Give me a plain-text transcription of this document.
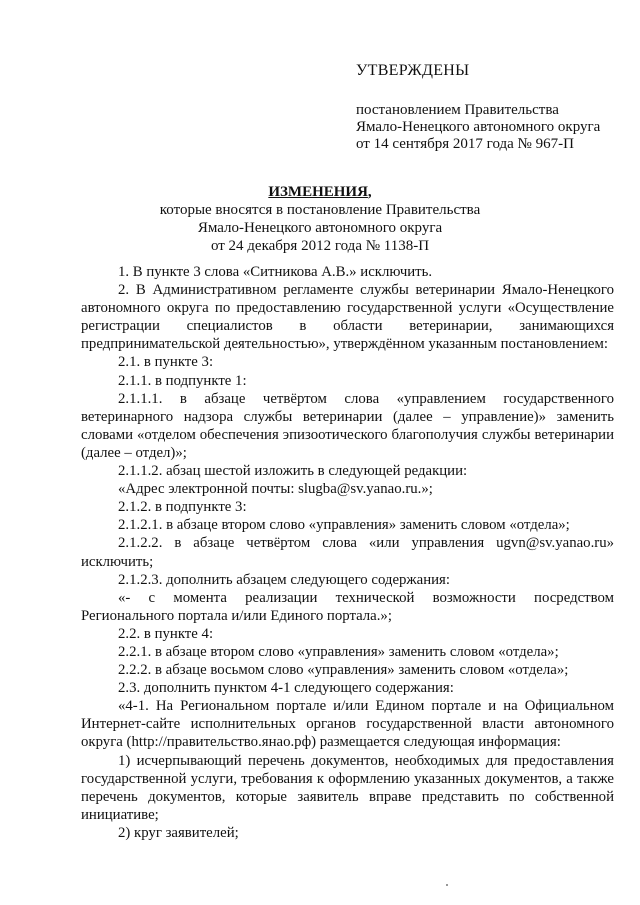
УТВЕРЖДЕНЫ
постановлением Правительства
Ямало-Ненецкого автономного округа
от 14 сентября 2017 года № 967-П
ИЗМЕНЕНИЯ,
которые вносятся в постановление Правительства
Ямало-Ненецкого автономного округа
от 24 декабря 2012 года № 1138-П

1. В пункте 3 слова «Ситникова А.В.» исключить.

2. В Административном регламенте службы ветеринарии Ямало-Ненецкого автономного округа по предоставлению государственной услуги «Осуществление регистрации специалистов в области ветеринарии, занимающихся предпринимательской деятельностью», утверждённом указанным постановлением:

2.1. в пункте 3:

2.1.1. в подпункте 1:

2.1.1.1. в абзаце четвёртом слова «управлением государственного ветеринарного надзора службы ветеринарии (далее – управление)» заменить словами «отделом обеспечения эпизоотического благополучия службы ветеринарии (далее – отдел)»;

2.1.1.2. абзац шестой изложить в следующей редакции:

«Адрес электронной почты: slugba@sv.yanao.ru.»;

2.1.2. в подпункте 3:

2.1.2.1. в абзаце втором слово «управления» заменить словом «отдела»;

2.1.2.2. в абзаце четвёртом слова «или управления ugvn@sv.yanao.ru» исключить;

2.1.2.3. дополнить абзацем следующего содержания:

«- с момента реализации технической возможности посредством Регионального портала и/или Единого портала.»;

2.2. в пункте 4:

2.2.1. в абзаце втором слово «управления» заменить словом «отдела»;

2.2.2. в абзаце восьмом слово «управления» заменить словом «отдела»;

2.3. дополнить пунктом 4-1 следующего содержания:

«4-1. На Региональном портале и/или Едином портале и на Официальном Интернет-сайте исполнительных органов государственной власти автономного округа (http://правительство.янао.рф) размещается следующая информация:

1) исчерпывающий перечень документов, необходимых для предоставления государственной услуги, требования к оформлению указанных документов, а также перечень документов, которые заявитель вправе представить по собственной инициативе;

2) круг заявителей;
